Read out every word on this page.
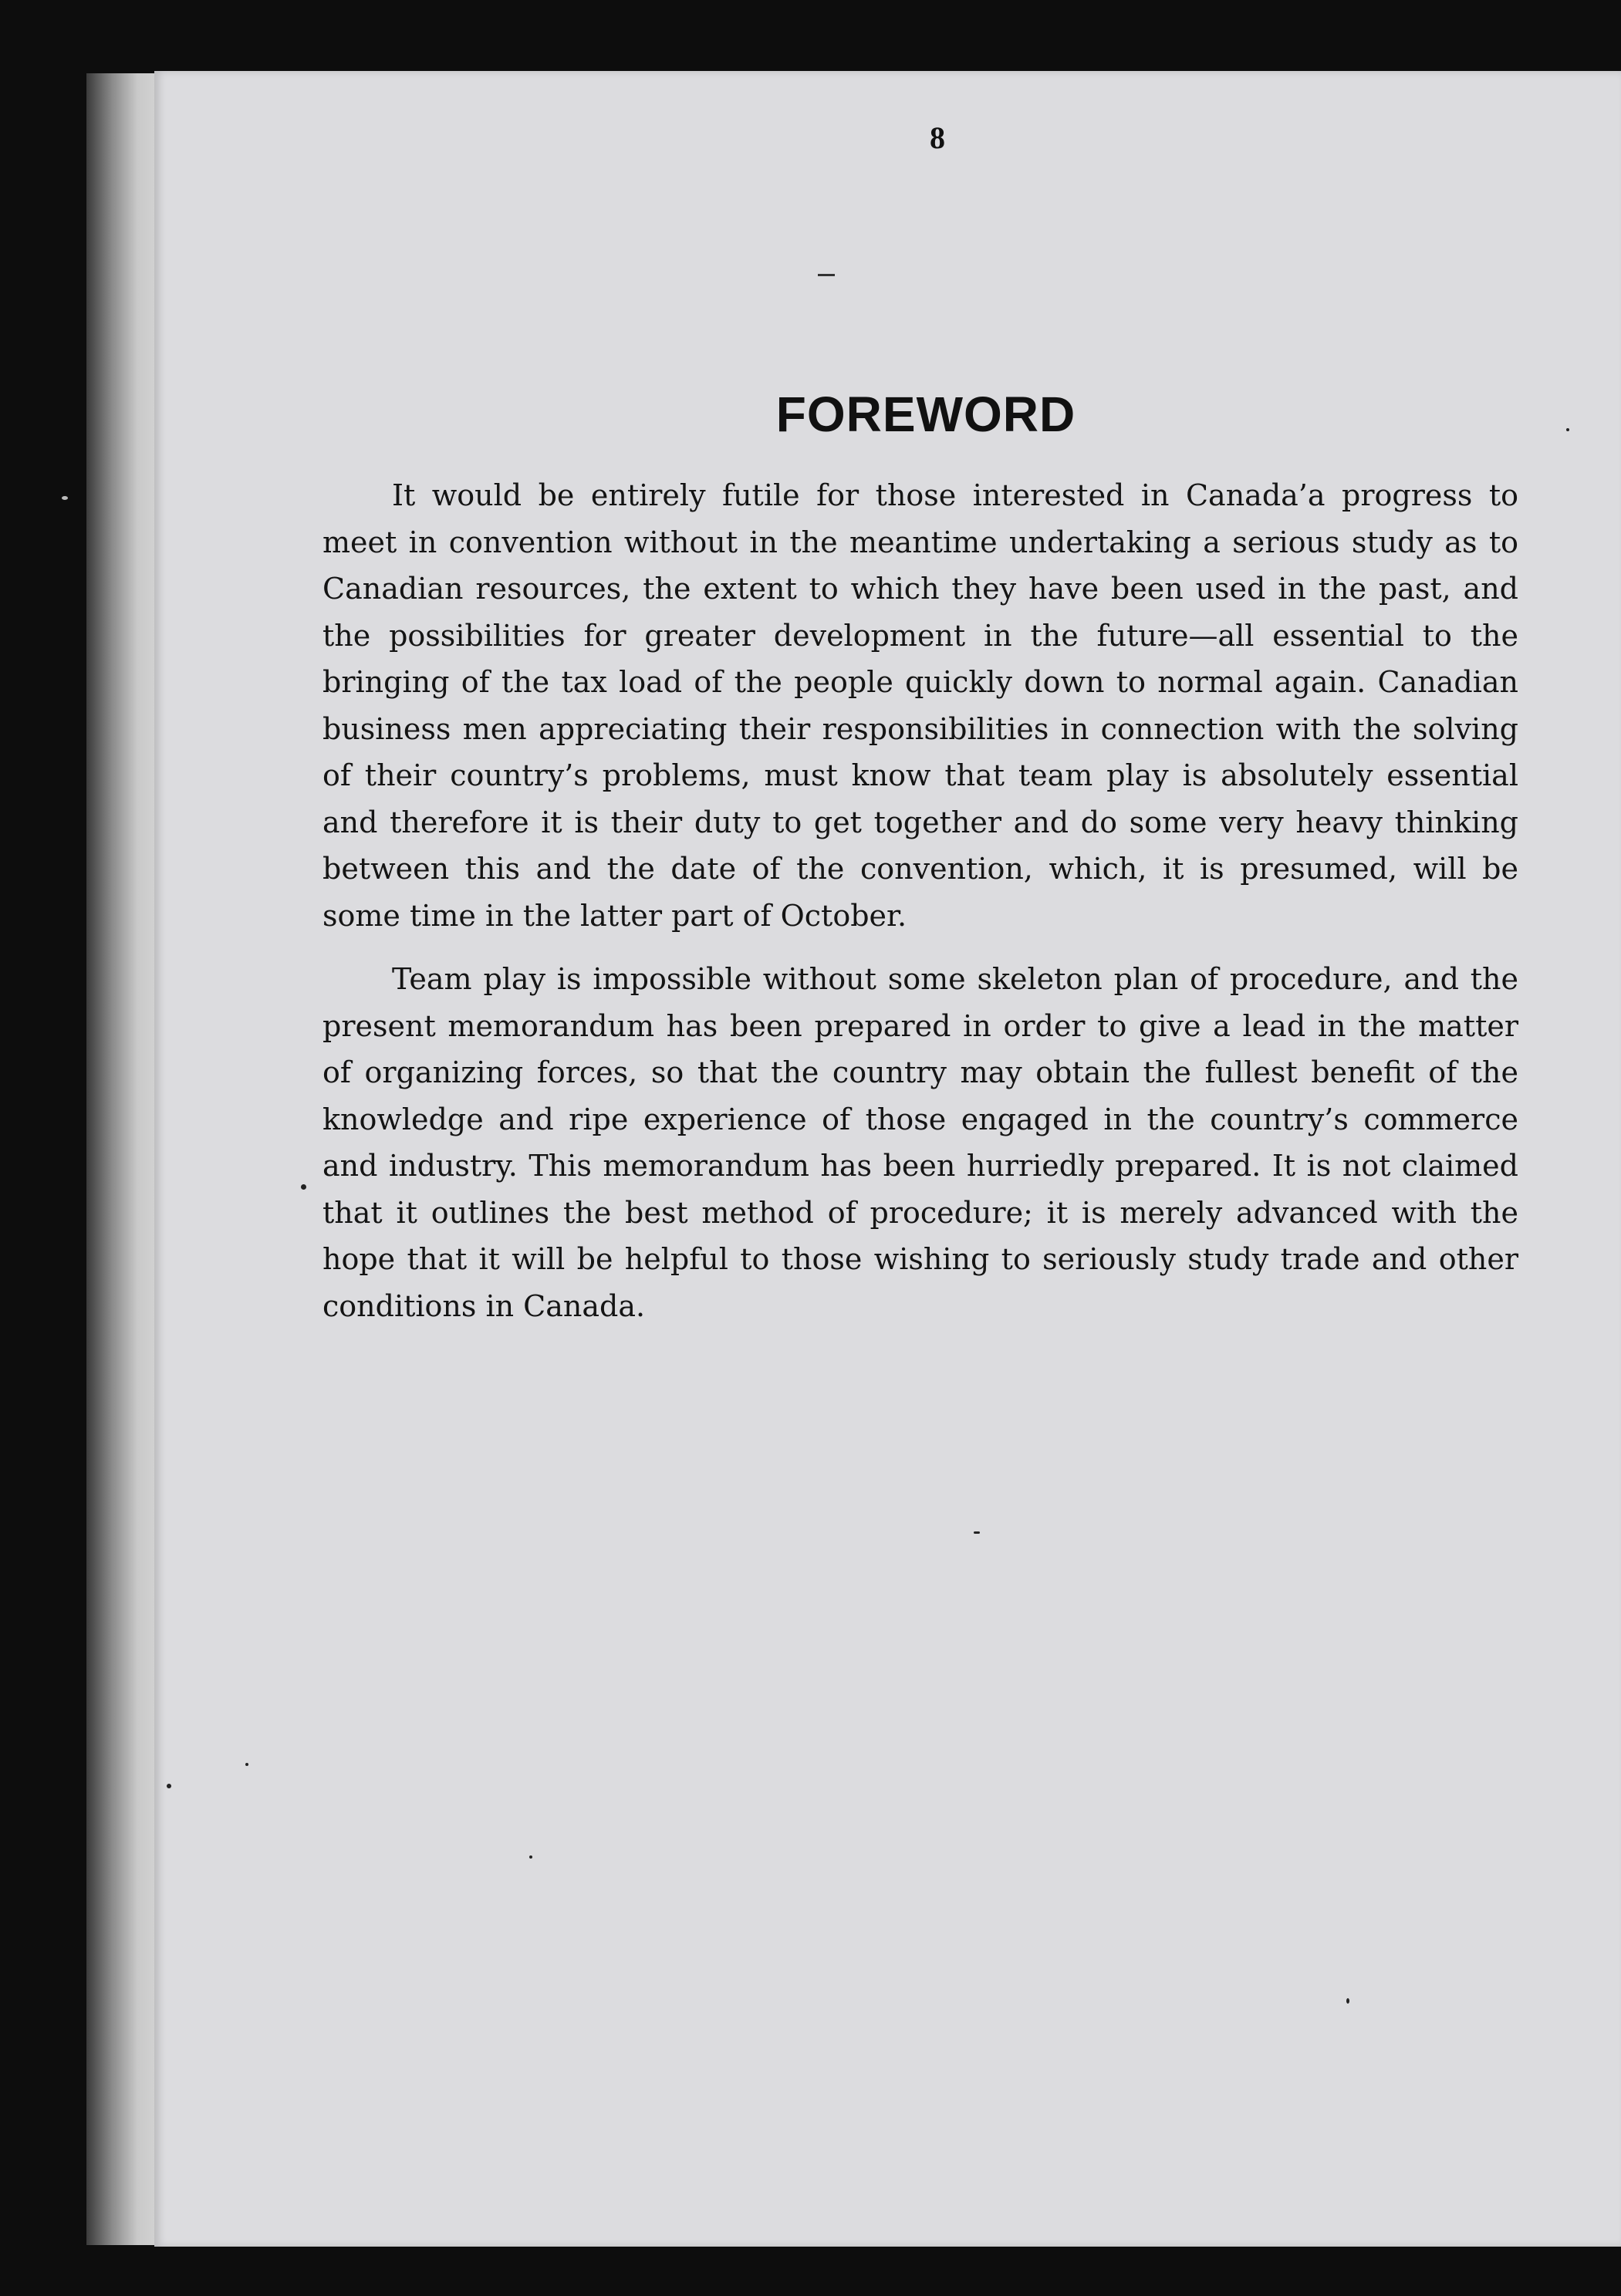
8
FOREWORD

It would be entirely futile for those interested in Canada’a progress to meet in convention without in the meantime undertaking a serious study as to Canadian resources, the extent to which they have been used in the past, and the possibilities for greater development in the future—all essential to the bringing of the tax load of the people quickly down to normal again. Canadian business men appreciating their responsibilities in connection with the solving of their country’s problems, must know that team play is absolutely essential and therefore it is their duty to get together and do some very heavy thinking between this and the date of the convention, which, it is presumed, will be some time in the latter part of October.

Team play is impossible without some skeleton plan of procedure, and the present memorandum has been prepared in order to give a lead in the matter of organizing forces, so that the country may obtain the fullest benefit of the knowledge and ripe experience of those engaged in the country’s commerce and industry. This memorandum has been hurriedly prepared. It is not claimed that it outlines the best method of procedure; it is merely advanced with the hope that it will be helpful to those wishing to seriously study trade and other conditions in Canada.
